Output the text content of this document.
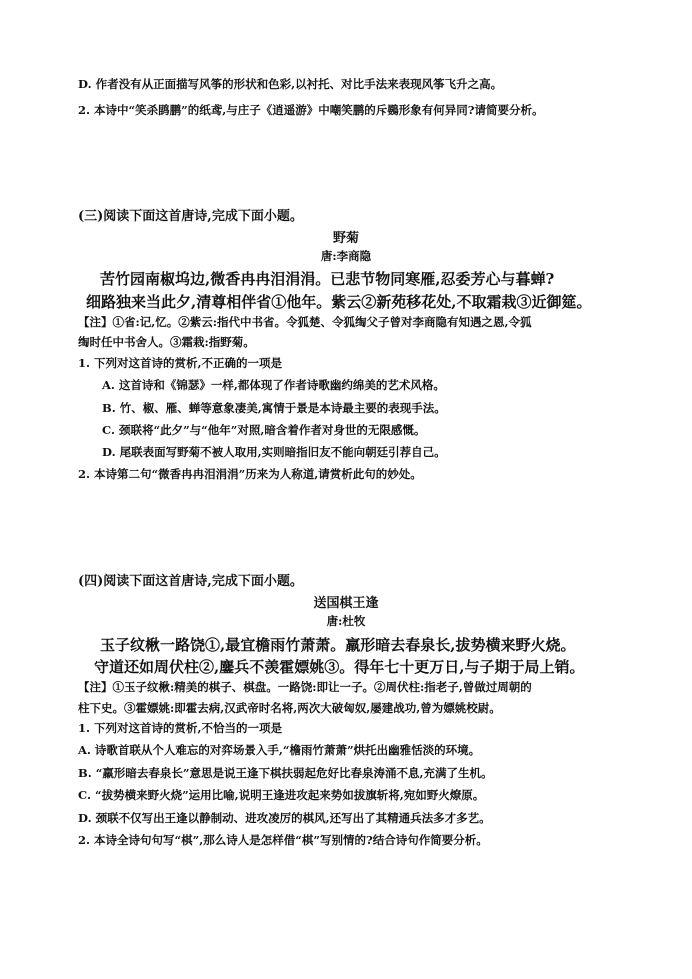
D. 作者没有从正面描写风筝的形状和色彩,以衬托、对比手法来表现风筝飞升之高。
2. 本诗中“笑杀鹍鹏”的纸鸢,与庄子《逍遥游》中嘲笑鹏的斥鷃形象有何异同?请简要分析。
(三)阅读下面这首唐诗,完成下面小题。
野菊
唐:李商隐
苦竹园南椒坞边,微香冉冉泪涓涓。已悲节物同寒雁,忍委芳心与暮蝉?
细路独来当此夕,清尊相伴省①他年。紫云②新苑移花处,不取霜栽③近御筵。
【注】①省:记,忆。②紫云:指代中书省。令狐楚、令狐绹父子曾对李商隐有知遇之恩,令狐
绹时任中书舍人。③霜栽:指野菊。
1. 下列对这首诗的赏析,不正确的一项是
A. 这首诗和《锦瑟》一样,都体现了作者诗歌幽约绵美的艺术风格。
B. 竹、椒、雁、蝉等意象凄美,寓情于景是本诗最主要的表现手法。
C. 颈联将“此夕”与“他年”对照,暗含着作者对身世的无限感慨。
D. 尾联表面写野菊不被人取用,实则暗指旧友不能向朝廷引荐自己。
2. 本诗第二句“微香冉冉泪涓涓”历来为人称道,请赏析此句的妙处。
(四)阅读下面这首唐诗,完成下面小题。
送国棋王逢
唐:杜牧
玉子纹楸一路饶①,最宜檐雨竹萧萧。羸形暗去春泉长,拔势横来野火烧。
守道还如周伏柱②,鏖兵不羡霍嫖姚③。得年七十更万日,与子期于局上销。
【注】①玉子纹楸:精美的棋子、棋盘。一路饶:即让一子。②周伏柱:指老子,曾做过周朝的
柱下史。③霍嫖姚:即霍去病,汉武帝时名将,两次大破匈奴,屡建战功,曾为嫖姚校尉。
1. 下列对这首诗的赏析,不恰当的一项是
A. 诗歌首联从个人难忘的对弈场景入手,“檐雨竹萧萧”烘托出幽雅恬淡的环境。
B. “羸形暗去春泉长”意思是说王逢下棋扶弱起危好比春泉涛涌不息,充满了生机。
C. “拔势横来野火烧”运用比喻,说明王逢进攻起来势如拔旗斩将,宛如野火燎原。
D. 颈联不仅写出王逢以静制动、进攻凌厉的棋风,还写出了其精通兵法多才多艺。
2. 本诗全诗句句写“棋”,那么诗人是怎样借“棋”写别情的?结合诗句作简要分析。
